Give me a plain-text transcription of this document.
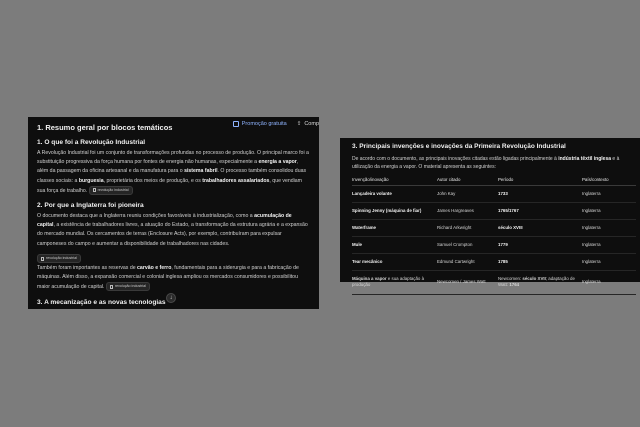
Promoção gratuita ⇪ Comp
1. Resumo geral por blocos temáticos
1. O que foi a Revolução Industrial

A Revolução Industrial foi um conjunto de transformações profundas no processo de produção. O principal marco foi a substituição progressiva da força humana por fontes de energia não humanas, especialmente a energia a vapor, além da passagem da oficina artesanal e da manufatura para o sistema fabril. O processo também consolidou duas classes sociais: a burguesia, proprietária dos meios de produção, e os trabalhadores assalariados, que vendiam sua força de trabalho.	revolução industrial

2. Por que a Inglaterra foi pioneira

O documento destaca que a Inglaterra reuniu condições favoráveis à industrialização, como a acumulação de capital, a existência de trabalhadores livres, a atuação do Estado, a transformação da estrutura agrária e a expansão do mercado mundial. Os cercamentos de terras (Enclosure Acts), por exemplo, contribuíram para expulsar camponeses do campo e aumentar a disponibilidade de trabalhadores nas cidades.

revolução industrial

Também foram importantes as reservas de carvão e ferro, fundamentais para a siderurgia e para a fabricação de máquinas. Além disso, a expansão comercial e colonial inglesa ampliou os mercados consumidores e possibilitou maior acumulação de capital.	revolução industrial

↓
3. A mecanização e as novas tecnologias
3. Principais invenções e inovações da Primeira Revolução Industrial

De acordo com o documento, as principais inovações citadas estão ligadas principalmente à indústria têxtil inglesa e à utilização da energia a vapor. O material apresenta as seguintes:

Invenção/inovação	Autor citado	Período	País/contexto
Lançadeira volante	John Kay	1733	Inglaterra
Spinning Jenny (máquina de fiar)	James Hargreaves	1765/1767	Inglaterra
Waterframe	Richard Arkwright	século XVIII	Inglaterra
Mule	Samuel Crompton	1779	Inglaterra
Tear mecânico	Edmund Cartwright	1785	Inglaterra
Máquina a vapor e sua adaptação à produção	Newcomen / James Watt	Newcomen: século XVII; adaptação de Watt: 1764	Inglaterra
